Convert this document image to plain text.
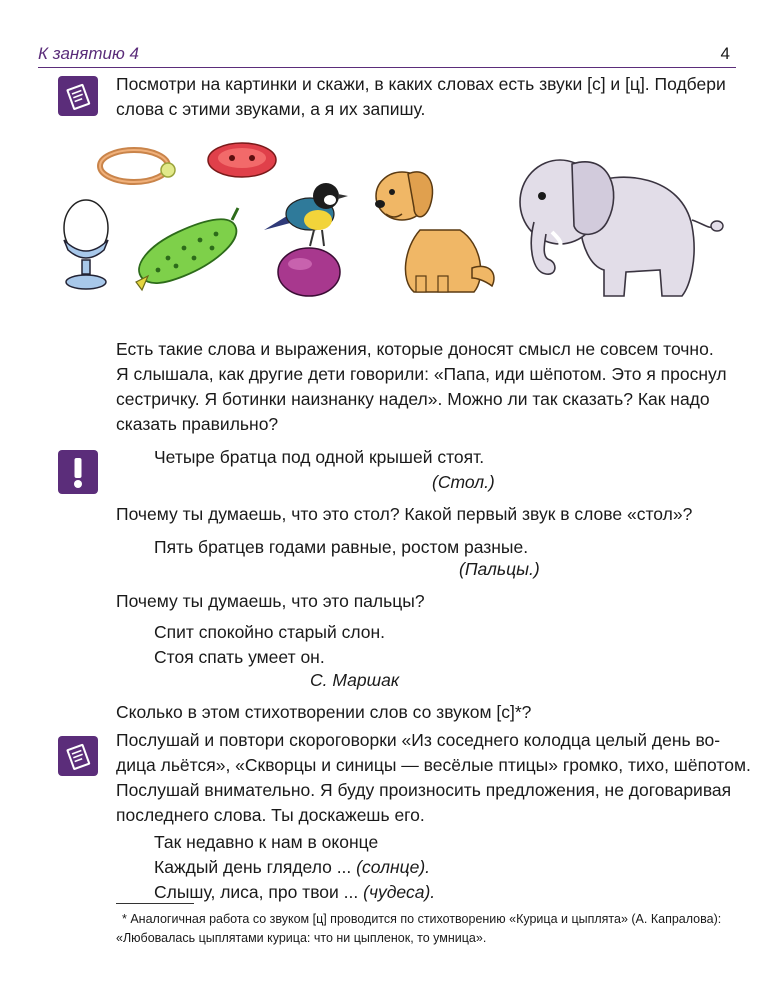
К занятию 4	4
Посмотри на картинки и скажи, в каких словах есть звуки [с] и [ц]. Подбери
слова с этими звуками, а я их запишу.
Есть такие слова и выражения, которые доносят смысл не совсем точно.
Я слышала, как другие дети говорили: «Папа, иди шёпотом. Это я проснул
сестричку. Я ботинки наизнанку надел». Можно ли так сказать? Как надо
сказать правильно?
Четыре братца под одной крышей стоят.
(Стол.)
Почему ты думаешь, что это стол? Какой первый звук в слове «стол»?
Пять братцев годами равные, ростом разные.
(Пальцы.)
Почему ты думаешь, что это пальцы?
Спит спокойно старый слон.
Стоя спать умеет он.
С. Маршак
Сколько в этом стихотворении слов со звуком [с]*?
Послушай и повтори скороговорки «Из соседнего колодца целый день во-
дица льётся», «Скворцы и синицы — весёлые птицы» громко, тихо, шёпотом.
Послушай внимательно. Я буду произносить предложения, не договаривая
последнего слова. Ты доскажешь его.
Так недавно к нам в оконце
Каждый день глядело ... (солнце).
Слышу, лиса, про твои ... (чудеса).
* Аналогичная работа со звуком [ц] проводится по стихотворению «Курица и цыплята» (А. Капралова):
«Любовалась цыплятами курица: что ни цыпленок, то умница».
